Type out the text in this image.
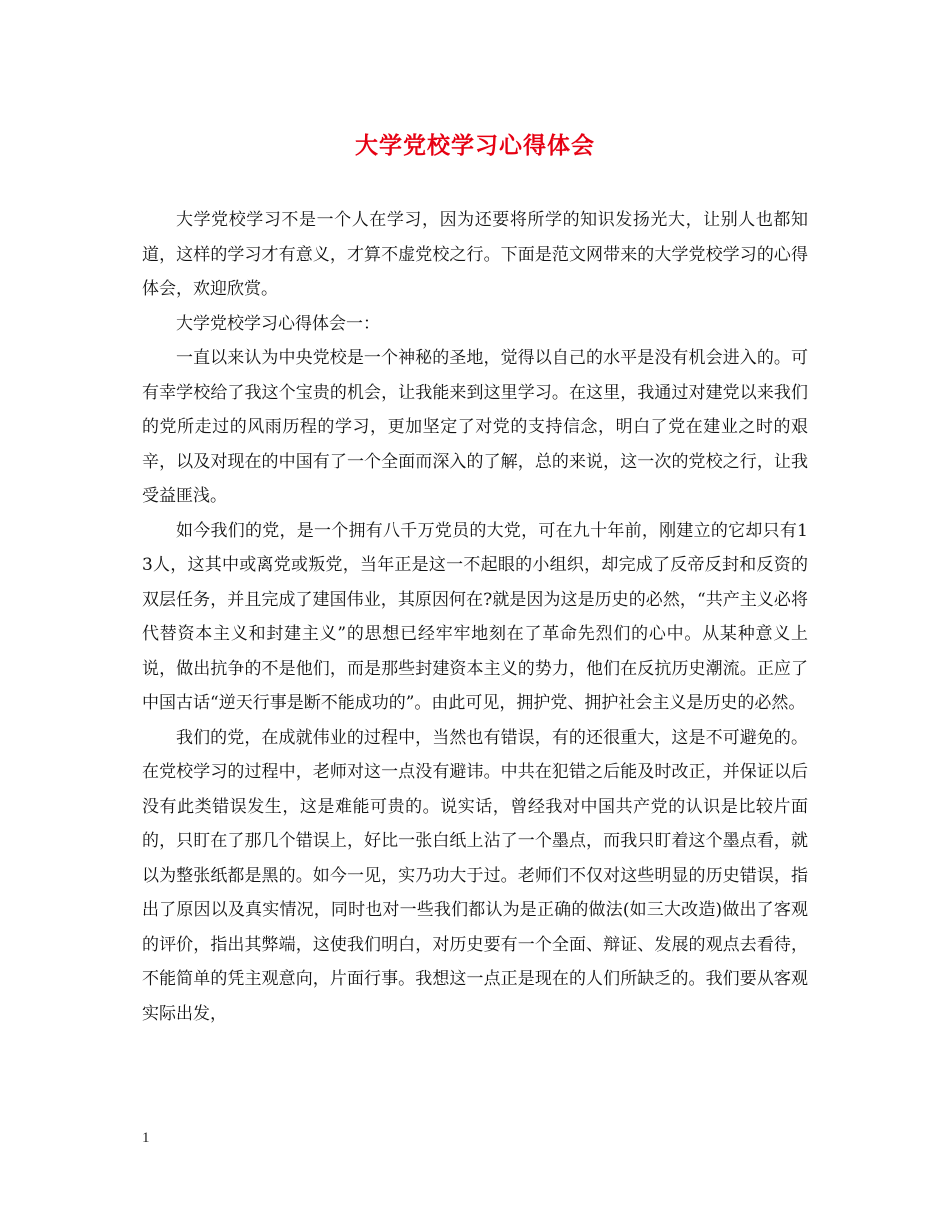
大学党校学习心得体会

大学党校学习不是一个人在学习，因为还要将所学的知识发扬光大，让别人也都知道，这样的学习才有意义，才算不虚党校之行。下面是范文网带来的大学党校学习的心得体会，欢迎欣赏。

大学党校学习心得体会一：

一直以来认为中央党校是一个神秘的圣地，觉得以自己的水平是没有机会进入的。可有幸学校给了我这个宝贵的机会，让我能来到这里学习。在这里，我通过对建党以来我们的党所走过的风雨历程的学习，更加坚定了对党的支持信念，明白了党在建业之时的艰辛，以及对现在的中国有了一个全面而深入的了解，总的来说，这一次的党校之行，让我受益匪浅。

如今我们的党，是一个拥有八千万党员的大党，可在九十年前，刚建立的它却只有13人，这其中或离党或叛党，当年正是这一不起眼的小组织，却完成了反帝反封和反资的双层任务，并且完成了建国伟业，其原因何在?就是因为这是历史的必然，“共产主义必将代替资本主义和封建主义”的思想已经牢牢地刻在了革命先烈们的心中。从某种意义上说，做出抗争的不是他们，而是那些封建资本主义的势力，他们在反抗历史潮流。正应了中国古话“逆天行事是断不能成功的”。由此可见，拥护党、拥护社会主义是历史的必然。

我们的党，在成就伟业的过程中，当然也有错误，有的还很重大，这是不可避免的。在党校学习的过程中，老师对这一点没有避讳。中共在犯错之后能及时改正，并保证以后没有此类错误发生，这是难能可贵的。说实话，曾经我对中国共产党的认识是比较片面的，只盯在了那几个错误上，好比一张白纸上沾了一个墨点，而我只盯着这个墨点看，就以为整张纸都是黑的。如今一见，实乃功大于过。老师们不仅对这些明显的历史错误，指出了原因以及真实情况，同时也对一些我们都认为是正确的做法(如三大改造)做出了客观的评价，指出其弊端，这使我们明白，对历史要有一个全面、辩证、发展的观点去看待，不能简单的凭主观意向，片面行事。我想这一点正是现在的人们所缺乏的。我们要从客观实际出发，

1
